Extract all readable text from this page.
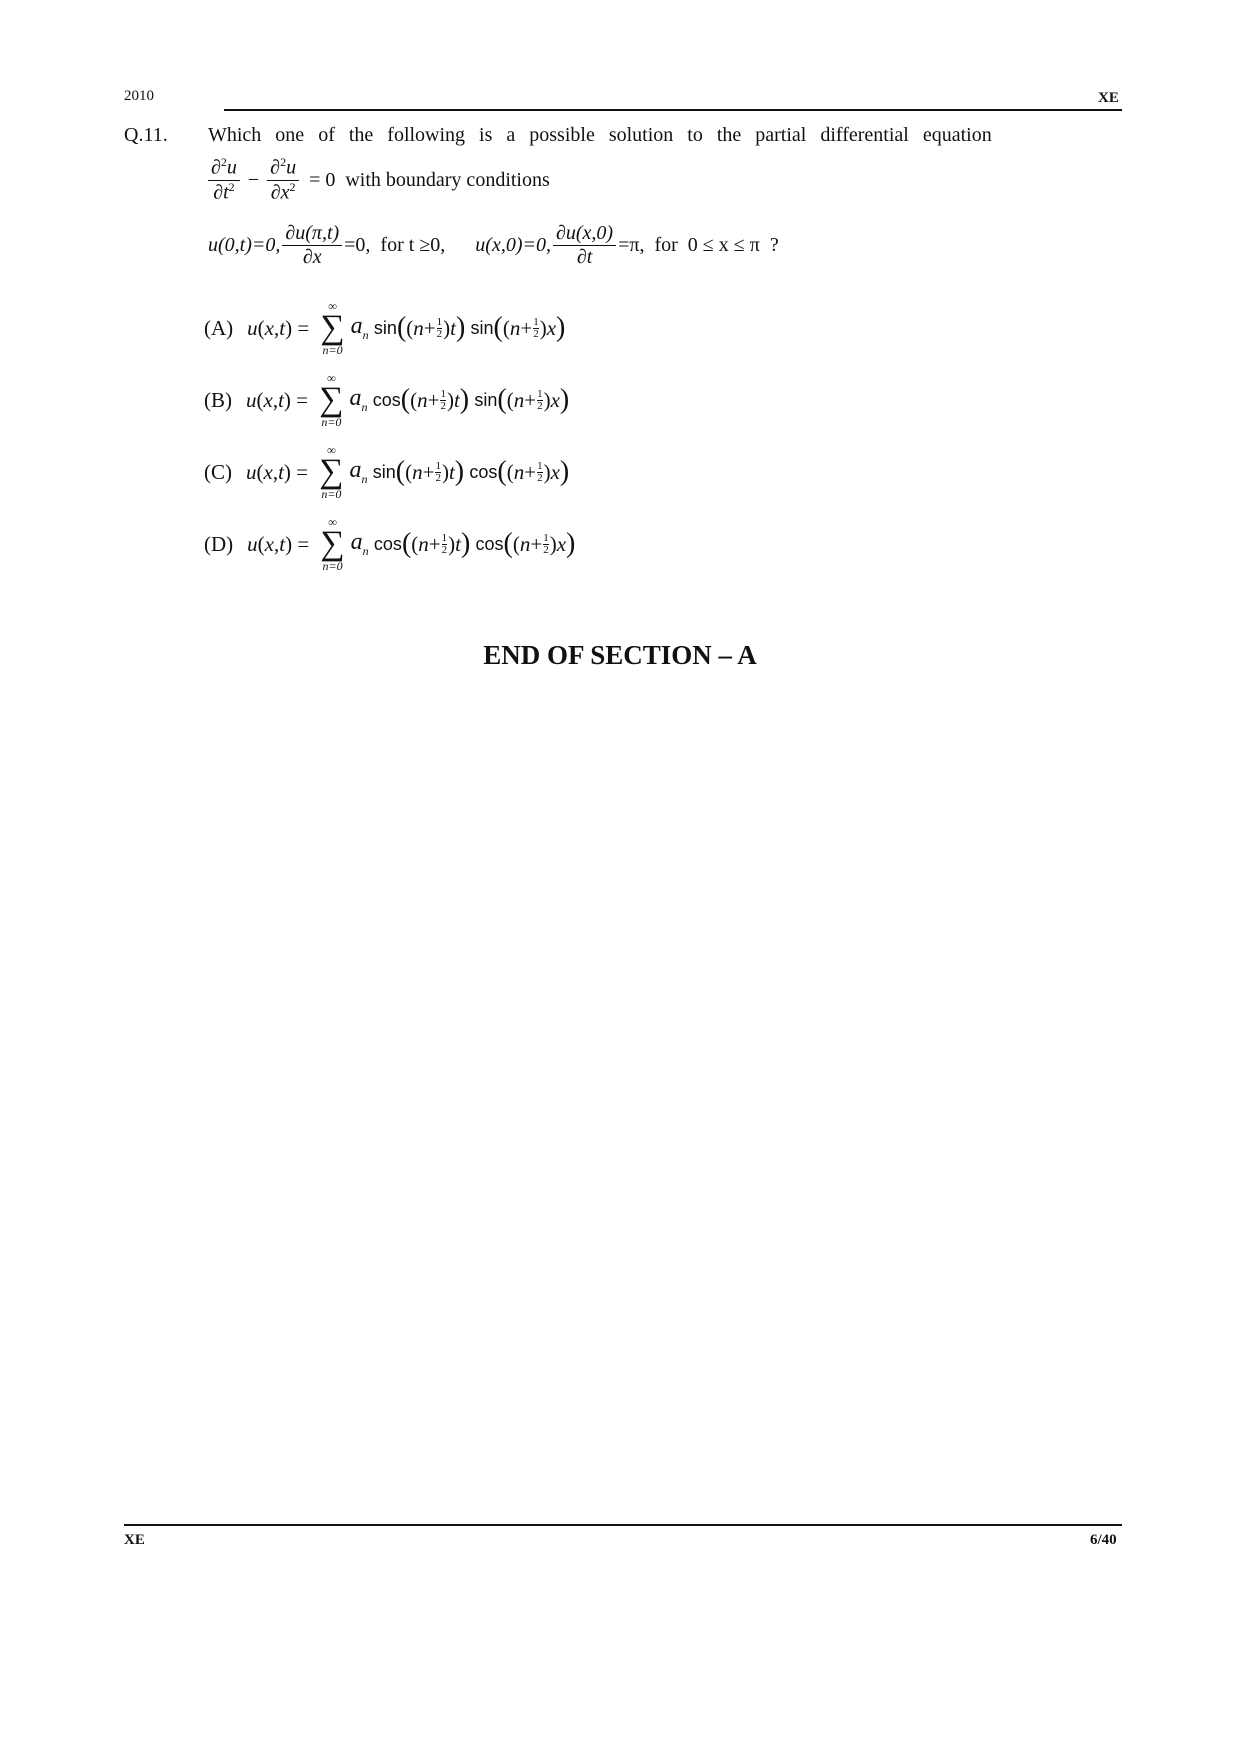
2010	XE
Q.11. Which one of the following is a possible solution to the partial differential equation
$\frac{\partial^2u}{\partial t^2} - \frac{\partial^2u}{\partial x^2} = 0$  with boundary conditions
u(0,t)=0, $\frac{\partial u(\pi,t)}{\partial x} =0$,  for t ≥0, u(x,0)=0, $\frac{\partial u(x,0)}{\partial t} =\pi$,  for  0 ≤ x ≤ π  ?
(A) u ( x , t ) =
∞
∑
n=0
$a_n$
sin ( ( n + 1
2 ) t )
sin ( ( n + 1
2 ) x )
(B) u ( x , t ) =
∞
∑
n=0
$a_n$
cos ( ( n + 1
2 ) t )
sin ( ( n + 1
2 ) x )
(C) u ( x , t ) =
∞
∑
n=0
$a_n$
sin ( ( n + 1
2 ) t )
cos ( ( n + 1
2 ) x )
(D) u ( x , t ) =
∞
∑
n=0
$a_n$
cos ( ( n + 1
2 ) t )
cos ( ( n + 1
2 ) x )
END OF SECTION – A
XE	6/40
